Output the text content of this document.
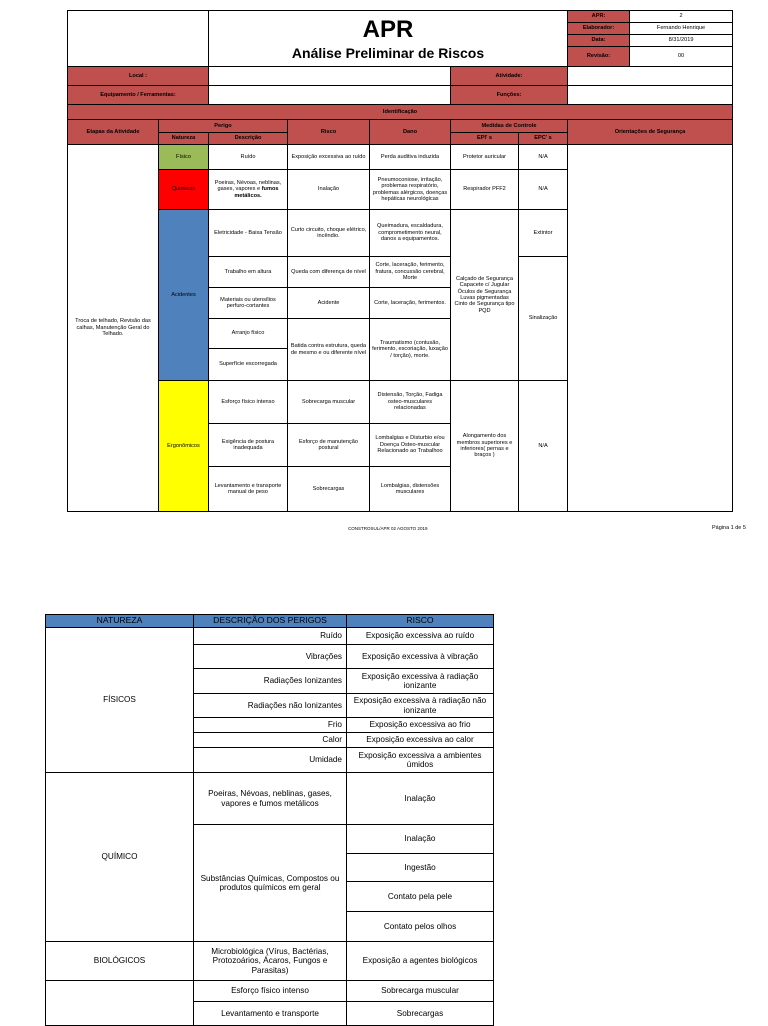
		APR
Análise Preliminar de Riscos					APR:	2
							Elaborador:	Fernando Henrique
							Data:	8/31/2019
							Revisão:	00
Local :					Atividade:			
Equipamento / Ferramentas:					Funções:			
Identificação								
Etapas da Atividade	Perigo		Risco	Dano	Medidas de Controle		Orientações de Segurança	
	Natureza	Descrição			EPI' s	EPC' s		
Troca de telhado, Revisão das calhas, Manutenção Geral do Telhado.	Físico	Ruído	Exposição excessiva ao ruído	Perda auditiva induzida	Protetor auricular	N/A		
	Químicos	Poeiras, Névoas, neblinas, gases, vapores e fumos metálicos.	Inalação	Pneumoconiose, irritação, problemas respiratório, problemas alérgicos, doenças hepáticas neurológicas	Respirador PFF2	N/A		
	Acidentes	Eletricidade - Baixa Tensão	Curto circuito, choque elétrico, incêndio.	Queimadura, escaldadura, comprometimento neural, danos a equipamentos.	Calçado de Segurança Capacete c/ Jugular Óculos de Segurança Luvas pigmentadas Cinto de Segurança tipo PQD	Extintor		
		Trabalho em altura	Queda com diferença de nível	Corte, laceração, ferimento, fratura, concussão cerebral, Morte		Sinalização		
		Materiais ou utensílios perfuro-cortantes	Acidente	Corte, laceração, ferimentos.				
		Arranjo físico	Batida contra estrutura, queda de mesmo e ou diferente nível	Traumatismo (contusão, ferimento, escoriação, luxação / torção), morte.				
		Superfície escorregada						
	Ergonômicos	Esforço físico intenso	Sobrecarga muscular	Distensão, Torção, Fadiga osteo-musculares relacionadas	Alongamento dos membros superiores e inferiores( pernas e braços )	N/A		
		Exigência de postura inadequada	Esforço de manutenção postural	Lombalgias e Disturbio e/ou Doença Osteo-muscular Relacionado ao Trabalhoo				
		Levantamento e transporte manual de peso	Sobrecargas	Lombalgias, distensões musculares				
CONSTROSUL/APR 02 AGOSTO 2019	Página 1 de 5
NATUREZA	DESCRIÇÃO DOS PERIGOS	RISCO
FÍSICOS	Ruído	Exposição excessiva ao ruído
	Vibrações	Exposição excessiva à vibração
	Radiações Ionizantes	Exposição excessiva à radiação ionizante
	Radiações não Ionizantes	Exposição excessiva à radiação não ionizante
	Frio	Exposição excessiva ao frio
	Calor	Exposição excessiva ao calor
	Umidade	Exposição excessiva a ambientes úmidos
QUÍMICO	Poeiras, Névoas, neblinas, gases, vapores e fumos metálicos	Inalação
	Substâncias Químicas, Compostos ou produtos químicos em geral	Inalação
		Ingestão
		Contato pela pele
		Contato pelos olhos
BIOLÓGICOS	Microbiológica (Vírus, Bactérias, Protozoários, Ácaros, Fungos e Parasitas)	Exposição a agentes biológicos
	Esforço físico intenso	Sobrecarga muscular
	Levantamento e transporte	Sobrecargas
